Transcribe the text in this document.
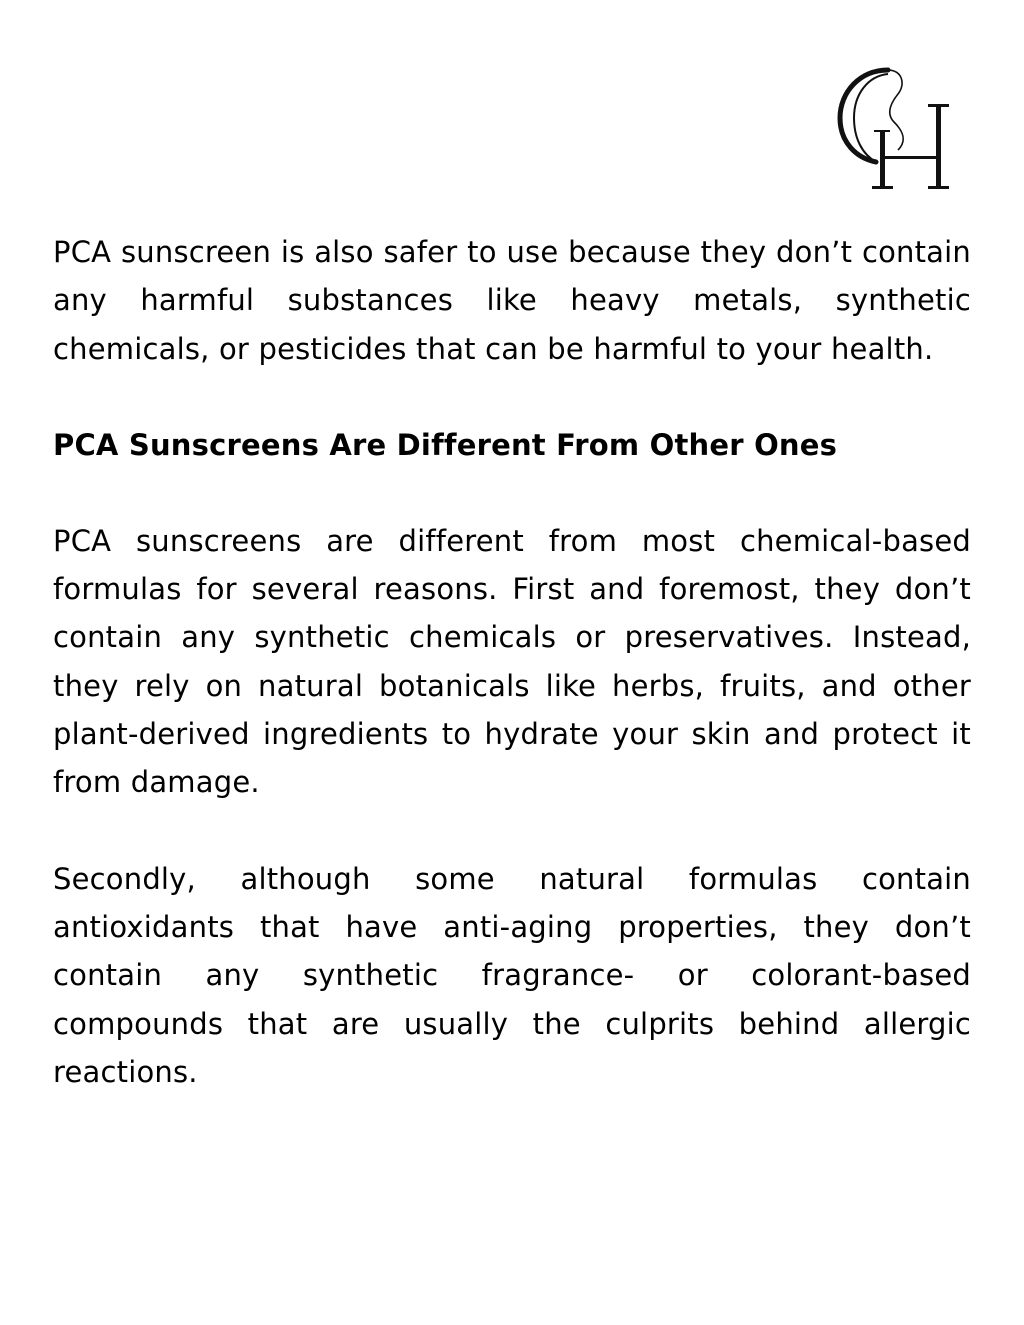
PCA sunscreen is also safer to use because they don’t contain any harmful substances like heavy metals, synthetic chemicals, or pesticides that can be harmful to your health.

PCA Sunscreens Are Different From Other Ones

PCA sunscreens are different from most chemical-based formulas for several reasons. First and foremost, they don’t contain any synthetic chemicals or preservatives. Instead, they rely on natural botanicals like herbs, fruits, and other plant-derived ingredients to hydrate your skin and protect it from damage.

Secondly, although some natural formulas contain antioxidants that have anti-aging properties, they don’t contain any synthetic fragrance- or colorant-based compounds that are usually the culprits behind allergic reactions.
